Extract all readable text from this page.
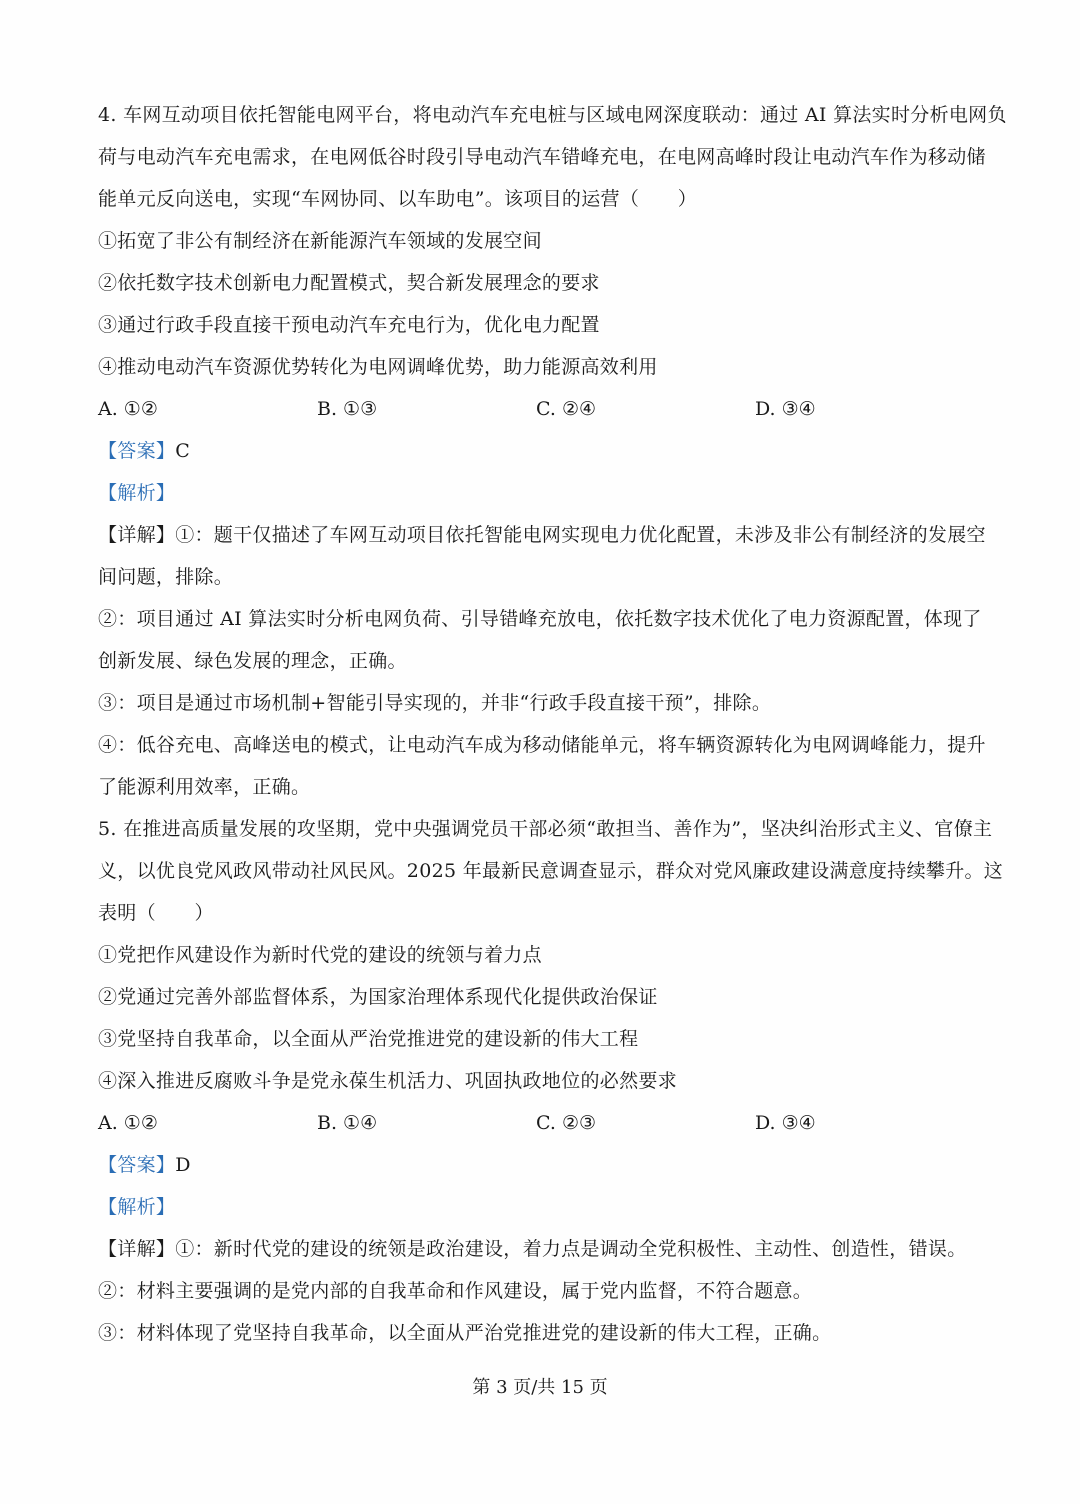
4. 车网互动项目依托智能电网平台，将电动汽车充电桩与区域电网深度联动：通过 AI 算法实时分析电网负
荷与电动汽车充电需求，在电网低谷时段引导电动汽车错峰充电，在电网高峰时段让电动汽车作为移动储
能单元反向送电，实现“车网协同、以车助电”。该项目的运营（　　）
①拓宽了非公有制经济在新能源汽车领域的发展空间
②依托数字技术创新电力配置模式，契合新发展理念的要求
③通过行政手段直接干预电动汽车充电行为，优化电力配置
④推动电动汽车资源优势转化为电网调峰优势，助力能源高效利用
A. ①②	B. ①③	C. ②④	D. ③④
【答案】C
【解析】
【详解】①：题干仅描述了车网互动项目依托智能电网实现电力优化配置，未涉及非公有制经济的发展空
间问题，排除。
②：项目通过 AI 算法实时分析电网负荷、引导错峰充放电，依托数字技术优化了电力资源配置，体现了
创新发展、绿色发展的理念，正确。
③：项目是通过市场机制+智能引导实现的，并非“行政手段直接干预”，排除。
④：低谷充电、高峰送电的模式，让电动汽车成为移动储能单元，将车辆资源转化为电网调峰能力，提升
了能源利用效率，正确。
5. 在推进高质量发展的攻坚期，党中央强调党员干部必须“敢担当、善作为”，坚决纠治形式主义、官僚主
义，以优良党风政风带动社风民风。2025 年最新民意调查显示，群众对党风廉政建设满意度持续攀升。这
表明（　　）
①党把作风建设作为新时代党的建设的统领与着力点
②党通过完善外部监督体系，为国家治理体系现代化提供政治保证
③党坚持自我革命，以全面从严治党推进党的建设新的伟大工程
④深入推进反腐败斗争是党永葆生机活力、巩固执政地位的必然要求
A. ①②	B. ①④	C. ②③	D. ③④
【答案】D
【解析】
【详解】①：新时代党的建设的统领是政治建设，着力点是调动全党积极性、主动性、创造性，错误。
②：材料主要强调的是党内部的自我革命和作风建设，属于党内监督，不符合题意。
③：材料体现了党坚持自我革命，以全面从严治党推进党的建设新的伟大工程，正确。
第 3 页/共 15 页
